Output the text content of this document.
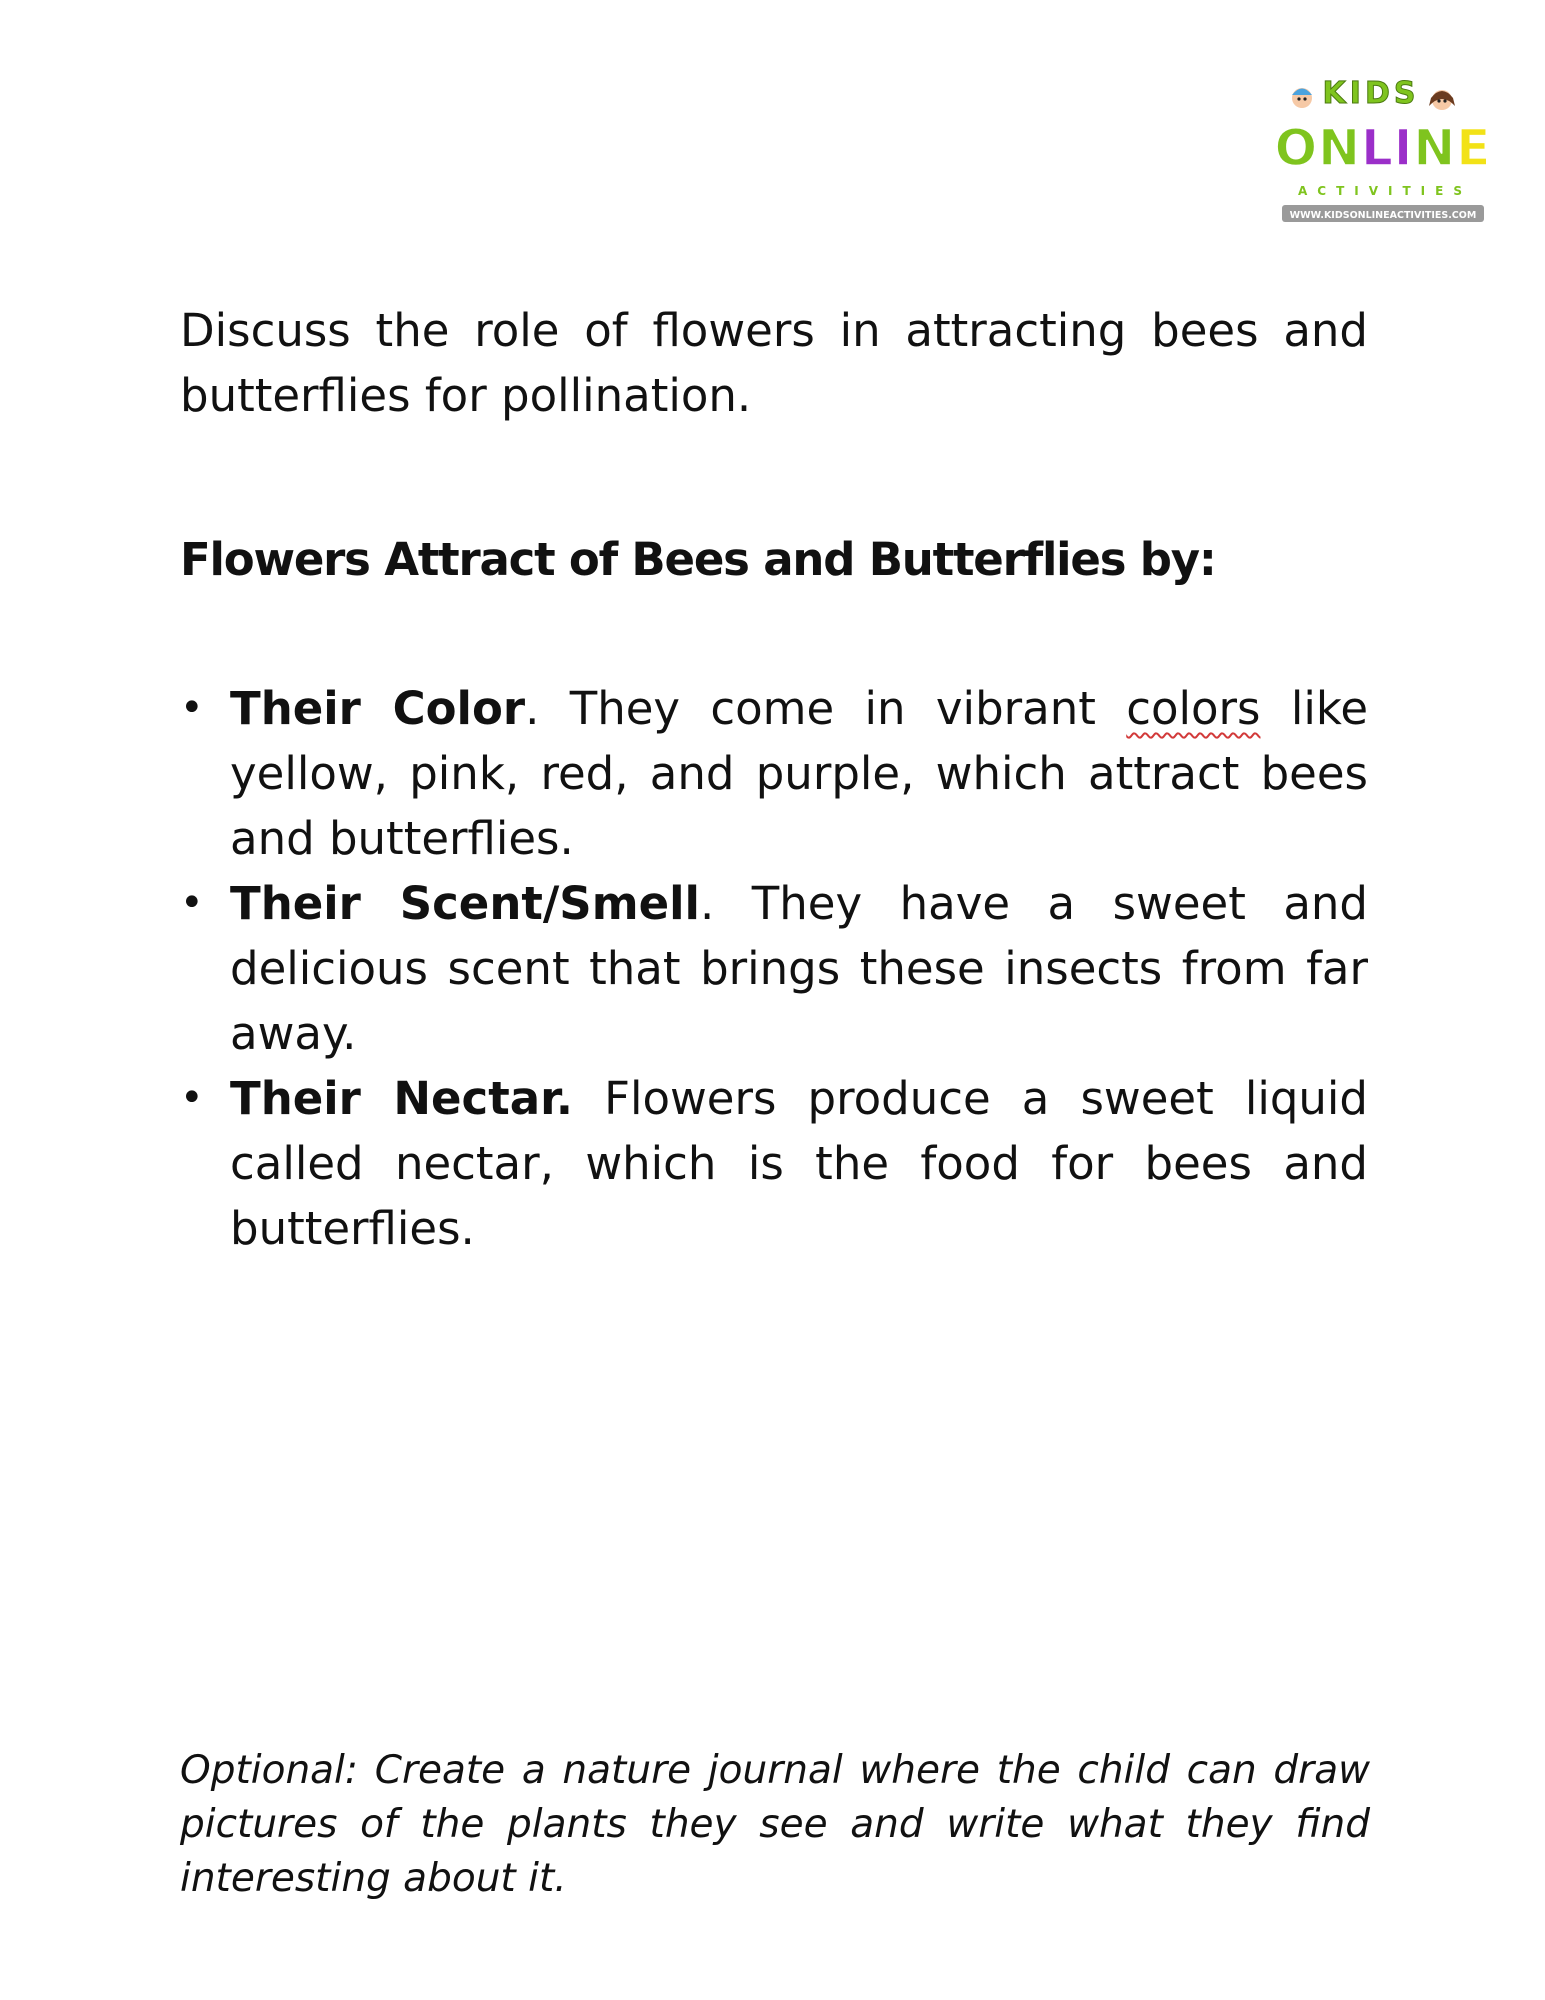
KIDS
ONLINE
ACTIVITIES
WWW.KIDSONLINEACTIVITIES.COM

Discuss the role of flowers in attracting bees and butterflies for pollination.

Flowers Attract of Bees and Butterflies by:

• Their Color. They come in vibrant colors like yellow, pink, red, and purple, which attract bees and butterflies.
• Their Scent/Smell. They have a sweet and delicious scent that brings these insects from far away.
• Their Nectar. Flowers produce a sweet liquid called nectar, which is the food for bees and butterflies.

Optional: Create a nature journal where the child can draw pictures of the plants they see and write what they find interesting about it.
